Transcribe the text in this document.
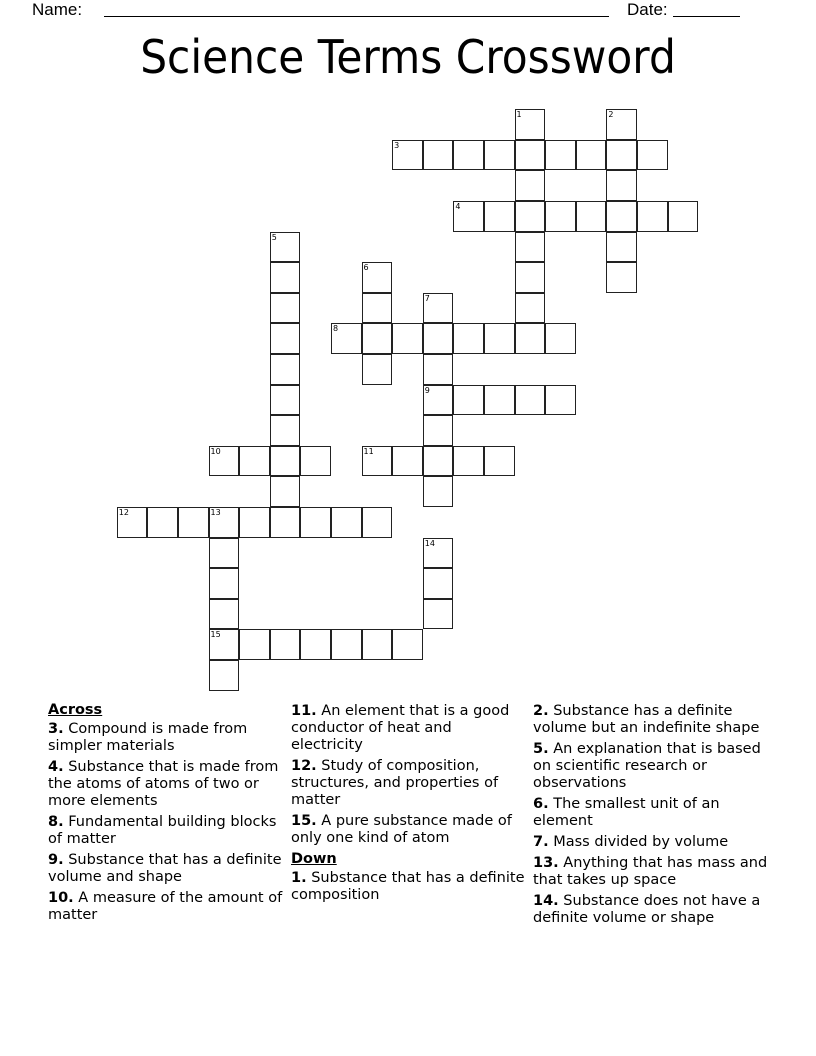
Name:	Date:
Science Terms Crossword
1	2
3
4
5
6
7
9
8
10	11
12	13
15
14
Across
3. Compound is made from simpler materials
4. Substance that is made from the atoms of atoms of two or more elements
8. Fundamental building blocks of matter
9. Substance that has a definite volume and shape
10. A measure of the amount of matter
11. An element that is a good conductor of heat and electricity
12. Study of composition, structures, and properties of matter
15. A pure substance made of only one kind of atom
Down
1. Substance that has a definite composition
2. Substance has a definite volume but an indefinite shape
5. An explanation that is based on scientific research or observations
6. The smallest unit of an element
7. Mass divided by volume
13. Anything that has mass and that takes up space
14. Substance does not have a definite volume or shape
